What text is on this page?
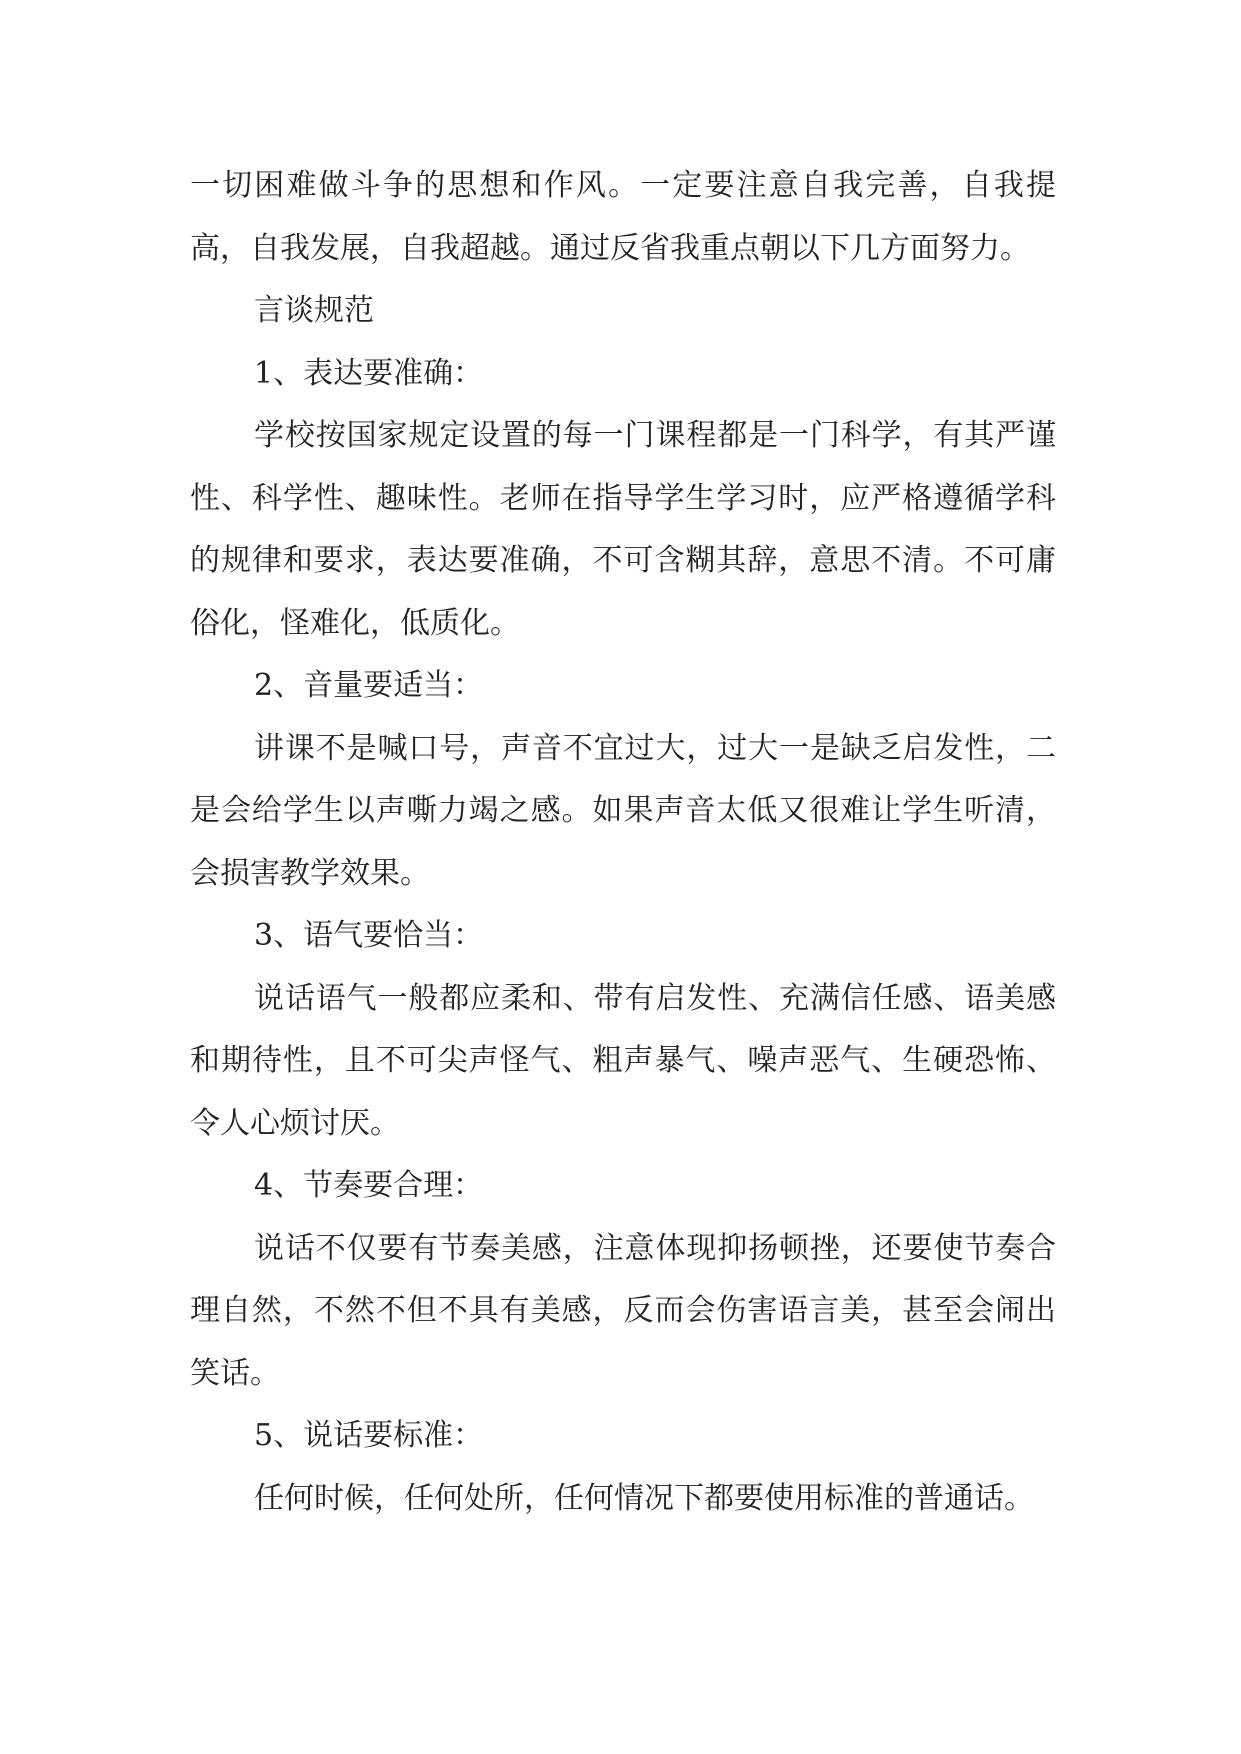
一切困难做斗争的思想和作风。一定要注意自我完善，自我提高，自我发展，自我超越。通过反省我重点朝以下几方面努力。

言谈规范

1、表达要准确：

学校按国家规定设置的每一门课程都是一门科学，有其严谨性、科学性、趣味性。老师在指导学生学习时，应严格遵循学科的规律和要求，表达要准确，不可含糊其辞，意思不清。不可庸俗化，怪难化，低质化。

2、音量要适当：

讲课不是喊口号，声音不宜过大，过大一是缺乏启发性，二是会给学生以声嘶力竭之感。如果声音太低又很难让学生听清，会损害教学效果。

3、语气要恰当：

说话语气一般都应柔和、带有启发性、充满信任感、语美感和期待性，且不可尖声怪气、粗声暴气、噪声恶气、生硬恐怖、令人心烦讨厌。

4、节奏要合理：

说话不仅要有节奏美感，注意体现抑扬顿挫，还要使节奏合理自然，不然不但不具有美感，反而会伤害语言美，甚至会闹出笑话。

5、说话要标准：

任何时候，任何处所，任何情况下都要使用标准的普通话。
